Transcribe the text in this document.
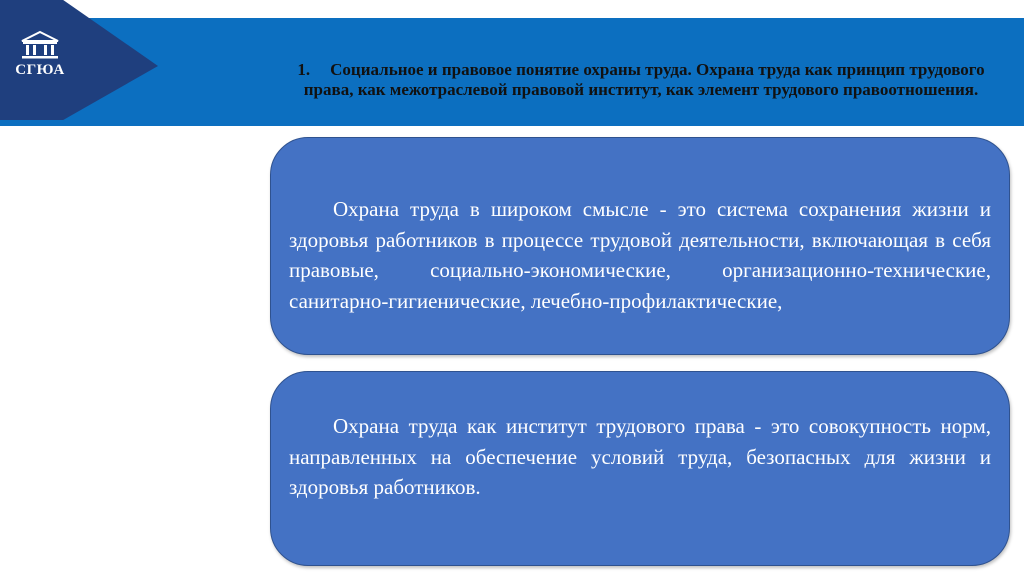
СГЮА	1. Социальное и правовое понятие охраны труда. Охрана труда как принцип трудового права, как межотраслевой правовой институт, как элемент трудового правоотношения.
Охрана труда в широком смысле - это система сохранения жизни и здоровья работников в процессе трудовой деятельности, включающая в себя правовые, социально-экономические, организационно-технические, санитарно-гигиенические, лечебно-профилактические,
Охрана труда как институт трудового права - это совокупность норм, направленных на обеспечение условий труда, безопасных для жизни и здоровья работников.
